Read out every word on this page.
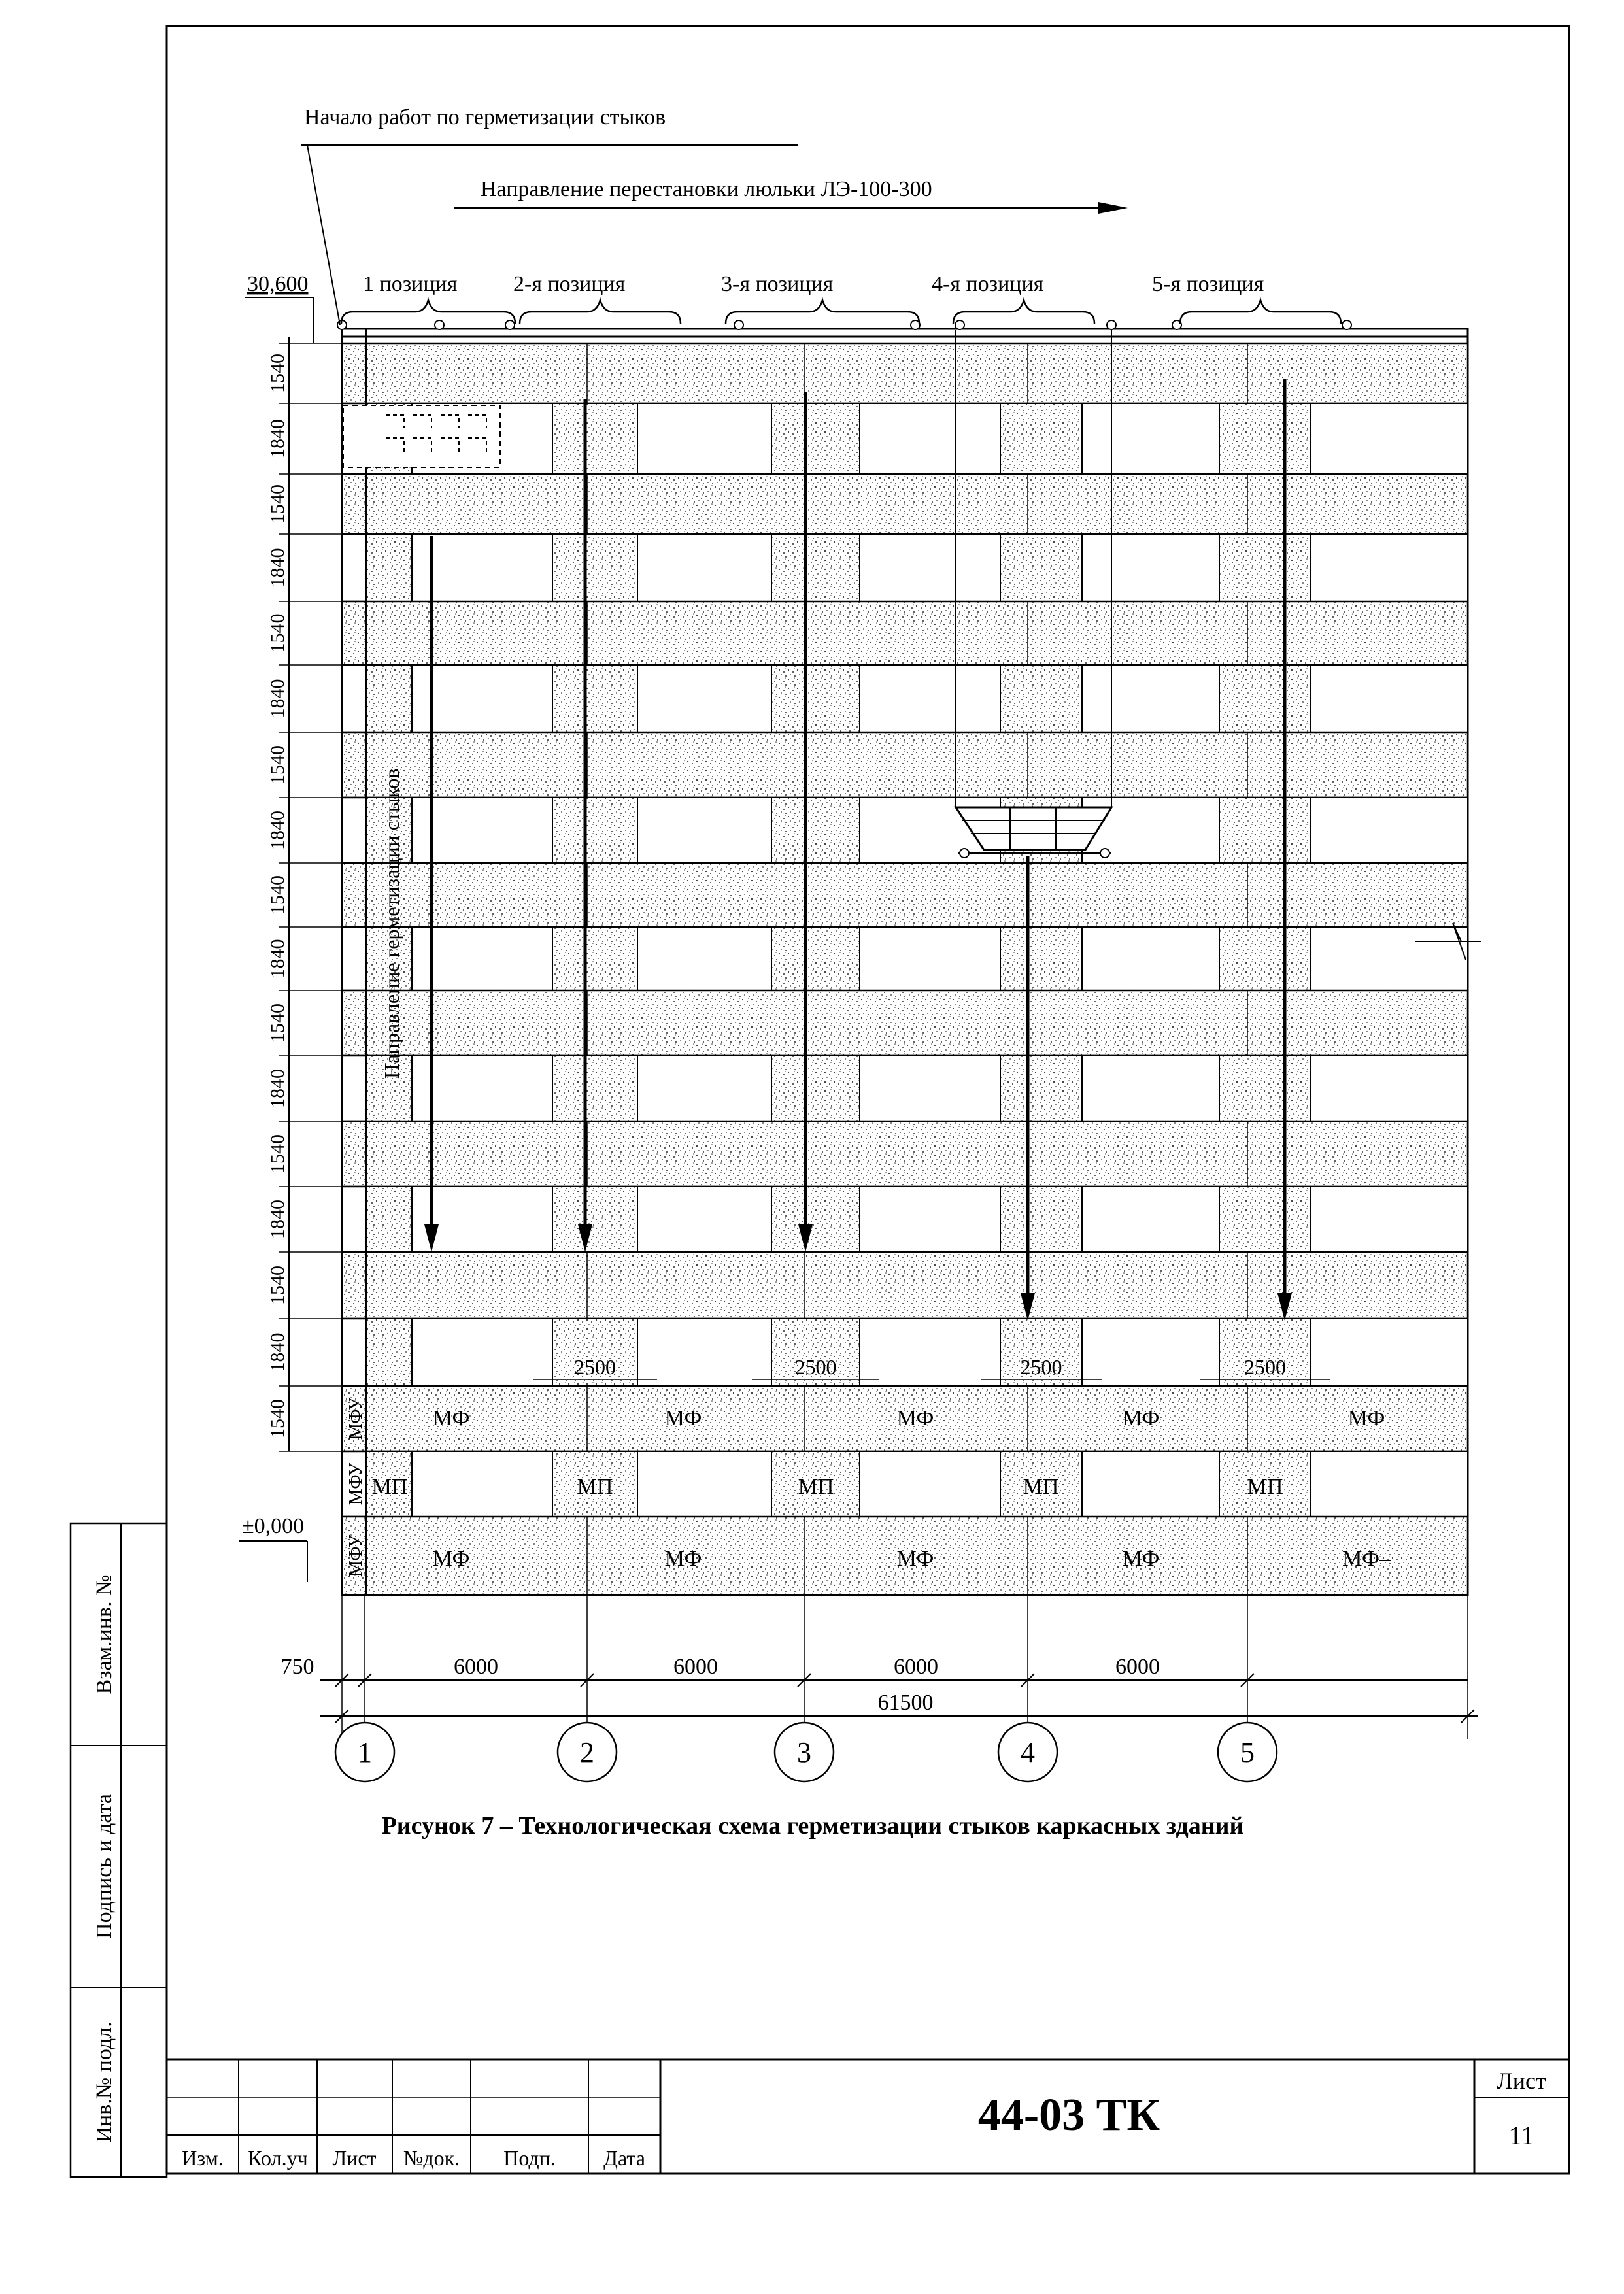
МФУ
МФУ
МФУ
МФ
МФ
МФ
МФ
МФ
МФ
МФ
МФ
МФ
МФ–
МП	МП	МП	МП	МП
1540
1840
1540
1840
1540
1840
1540
1840
1540
1840
1540
1840
1540
1840
1540
1840
1540
2500	2500	2500	2500
750	6000	6000	6000	6000
61500
Начало работ по герметизации стыков
Направление перестановки люльки ЛЭ-100-300
30,600
±0,000
Направление герметизации стыков
1 позиция	2-я позиция	3-я позиция	4-я позиция	5-я позиция
1	2	3	4	5
Рисунок 7 – Технологическая схема герметизации стыков каркасных зданий
Взам.инв. №
Подпись и дата
Инв.№ подл.
Изм. Кол.уч Лист №док. Подп. Дата
44-03 ТК
Лист
11
